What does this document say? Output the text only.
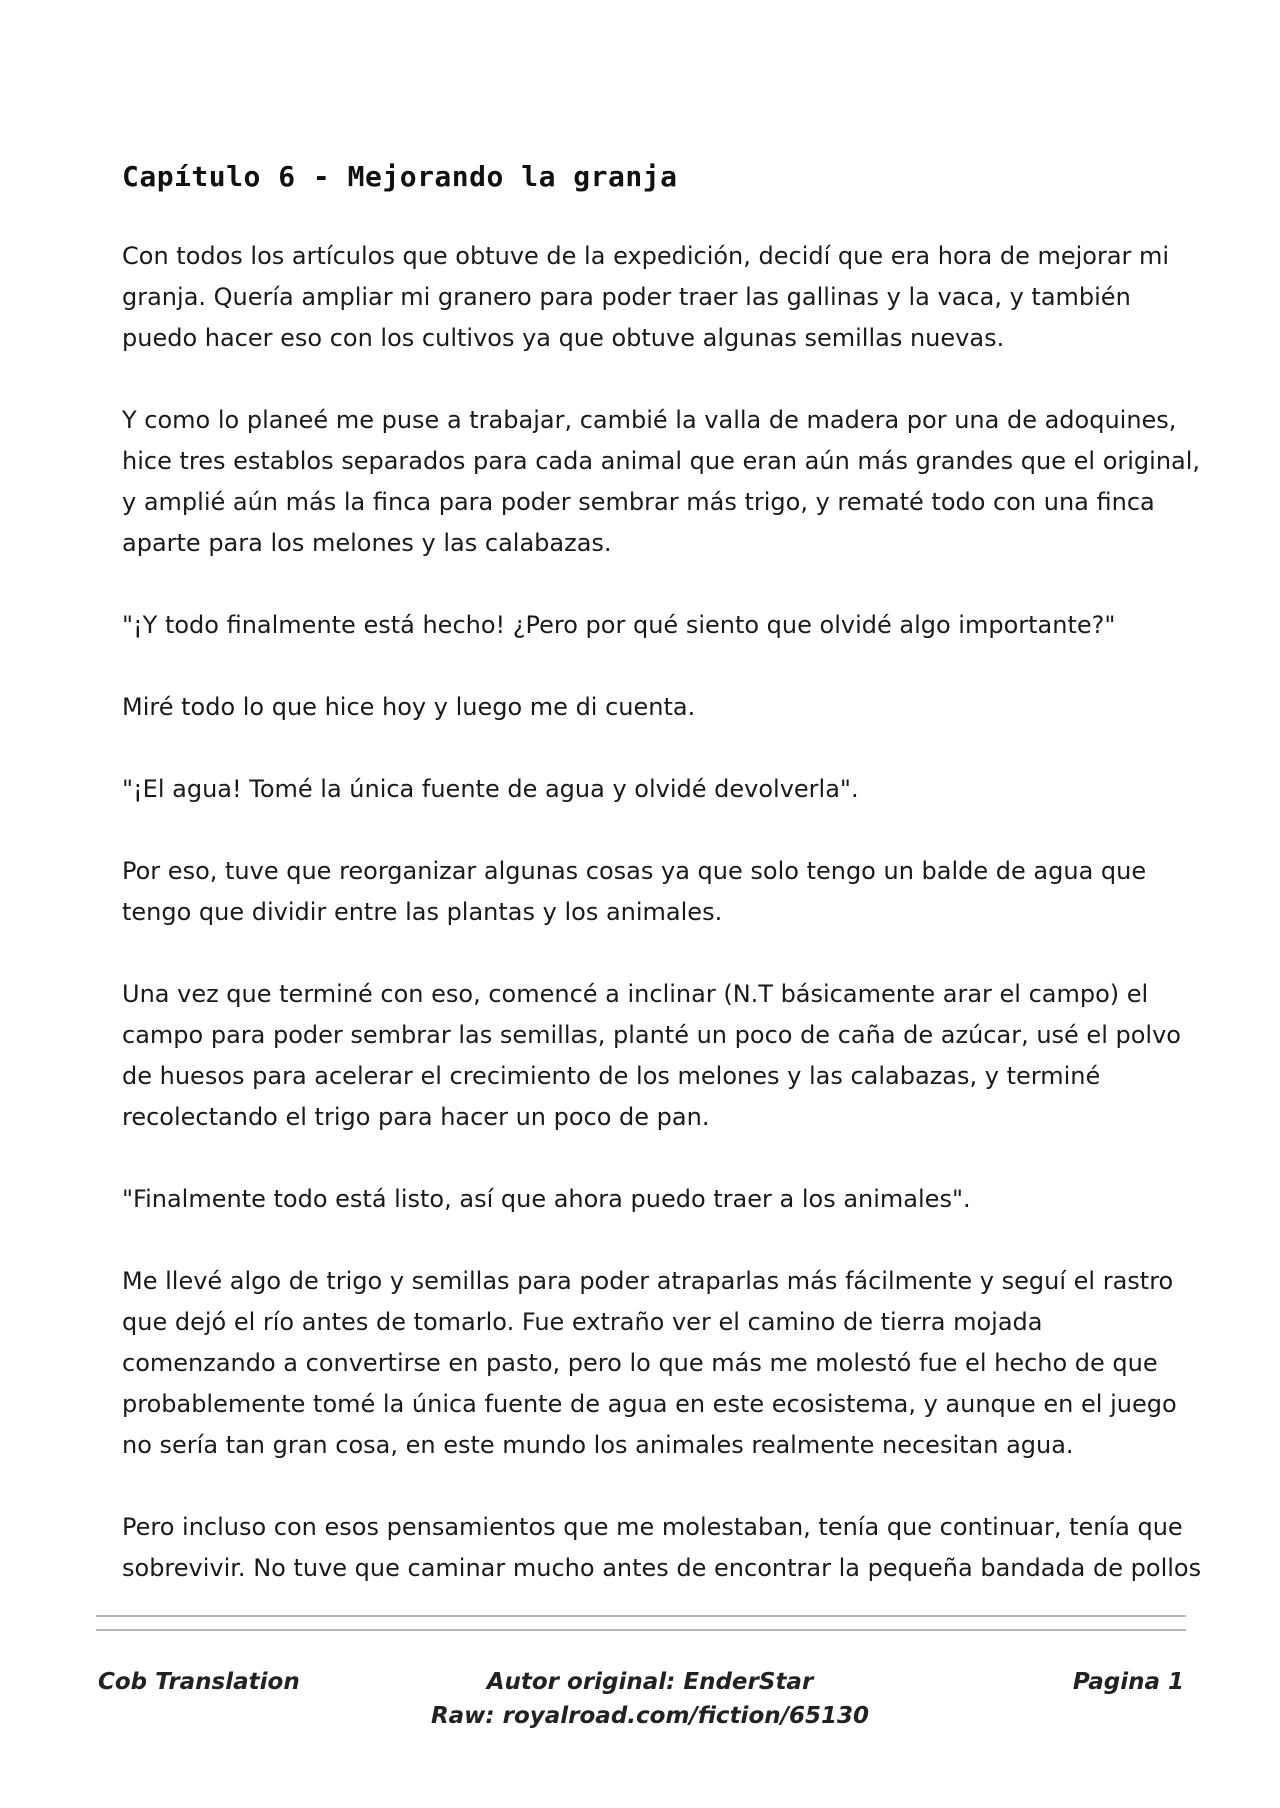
Capítulo 6 - Mejorando la granja

Con todos los artículos que obtuve de la expedición, decidí que era hora de mejorar mi granja. Quería ampliar mi granero para poder traer las gallinas y la vaca, y también puedo hacer eso con los cultivos ya que obtuve algunas semillas nuevas.

Y como lo planeé me puse a trabajar, cambié la valla de madera por una de adoquines, hice tres establos separados para cada animal que eran aún más grandes que el original, y amplié aún más la finca para poder sembrar más trigo, y rematé todo con una finca aparte para los melones y las calabazas.

"¡Y todo finalmente está hecho! ¿Pero por qué siento que olvidé algo importante?"

Miré todo lo que hice hoy y luego me di cuenta.

"¡El agua! Tomé la única fuente de agua y olvidé devolverla".

Por eso, tuve que reorganizar algunas cosas ya que solo tengo un balde de agua que tengo que dividir entre las plantas y los animales.

Una vez que terminé con eso, comencé a inclinar (N.T básicamente arar el campo) el campo para poder sembrar las semillas, planté un poco de caña de azúcar, usé el polvo de huesos para acelerar el crecimiento de los melones y las calabazas, y terminé recolectando el trigo para hacer un poco de pan.

"Finalmente todo está listo, así que ahora puedo traer a los animales".

Me llevé algo de trigo y semillas para poder atraparlas más fácilmente y seguí el rastro que dejó el río antes de tomarlo. Fue extraño ver el camino de tierra mojada comenzando a convertirse en pasto, pero lo que más me molestó fue el hecho de que probablemente tomé la única fuente de agua en este ecosistema, y aunque en el juego no sería tan gran cosa, en este mundo los animales realmente necesitan agua.

Pero incluso con esos pensamientos que me molestaban, tenía que continuar, tenía que sobrevivir. No tuve que caminar mucho antes de encontrar la pequeña bandada de pollos

Cob Translation	Autor original: EnderStar
Raw: royalroad.com/fiction/65130
Pagina 1
